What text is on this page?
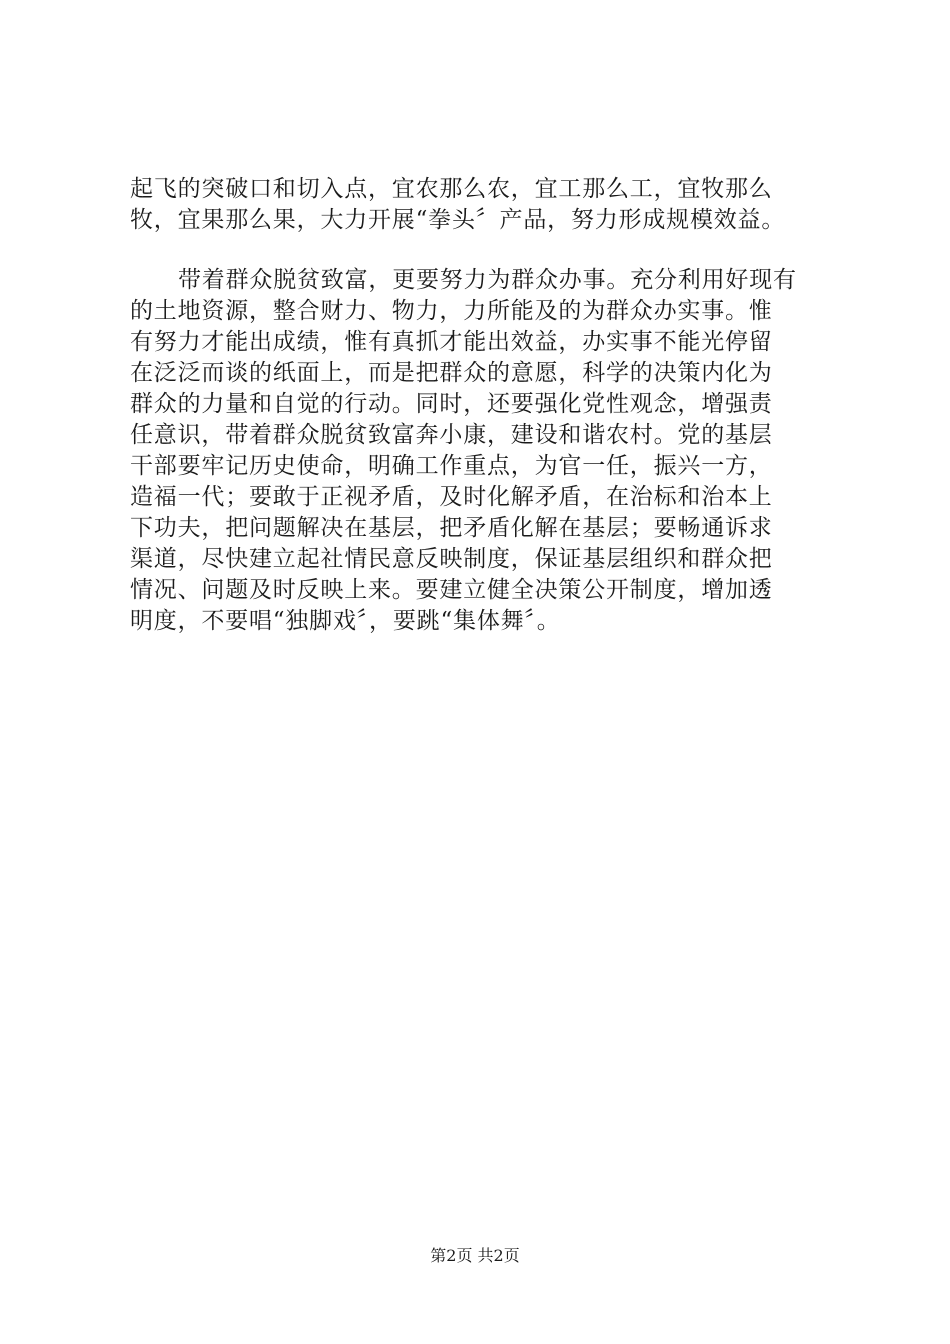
起飞的突破口和切入点，宜农那么农，宜工那么工，宜牧那么
牧，宜果那么果，大力开展“拳头〞产品，努力形成规模效益。
带着群众脱贫致富，更要努力为群众办事。充分利用好现有
的土地资源，整合财力、物力，力所能及的为群众办实事。惟
有努力才能出成绩，惟有真抓才能出效益，办实事不能光停留
在泛泛而谈的纸面上，而是把群众的意愿，科学的决策内化为
群众的力量和自觉的行动。同时，还要强化党性观念，增强责
任意识，带着群众脱贫致富奔小康，建设和谐农村。党的基层
干部要牢记历史使命，明确工作重点，为官一任，振兴一方，
造福一代；要敢于正视矛盾，及时化解矛盾，在治标和治本上
下功夫，把问题解决在基层，把矛盾化解在基层；要畅通诉求
渠道，尽快建立起社情民意反映制度，保证基层组织和群众把
情况、问题及时反映上来。要建立健全决策公开制度，增加透
明度，不要唱“独脚戏〞，要跳“集体舞〞。
第2页 共2页
